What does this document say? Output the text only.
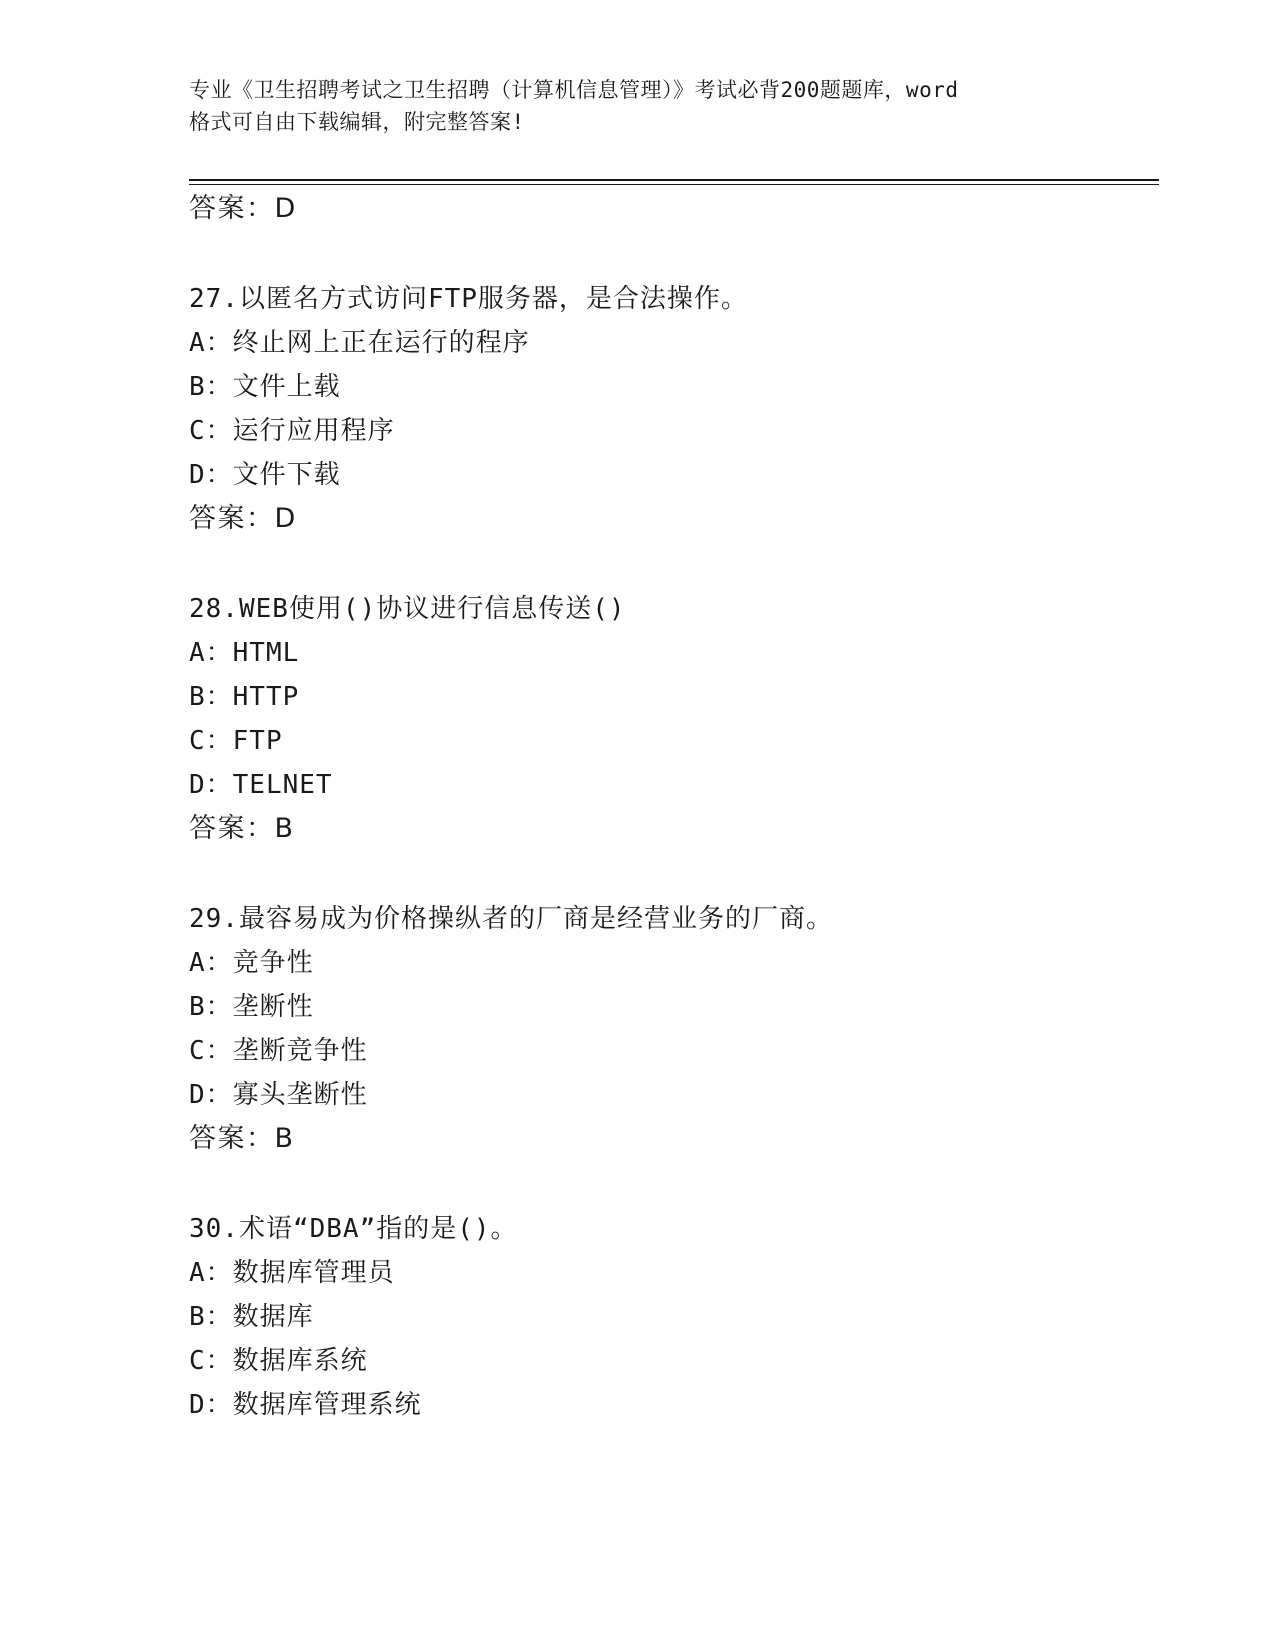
专业《卫生招聘考试之卫生招聘（计算机信息管理）》考试必背200题题库，word
格式可自由下载编辑，附完整答案!
答案：D
27.以匿名方式访问FTP服务器，是合法操作。
A：终止网上正在运行的程序
B：文件上载
C：运行应用程序
D：文件下载
答案：D
28.WEB使用()协议进行信息传送()
A：HTML
B：HTTP
C：FTP
D：TELNET
答案：B
29.最容易成为价格操纵者的厂商是经营业务的厂商。
A：竞争性
B：垄断性
C：垄断竞争性
D：寡头垄断性
答案：B
30.术语“DBA”指的是()。
A：数据库管理员
B：数据库
C：数据库系统
D：数据库管理系统
